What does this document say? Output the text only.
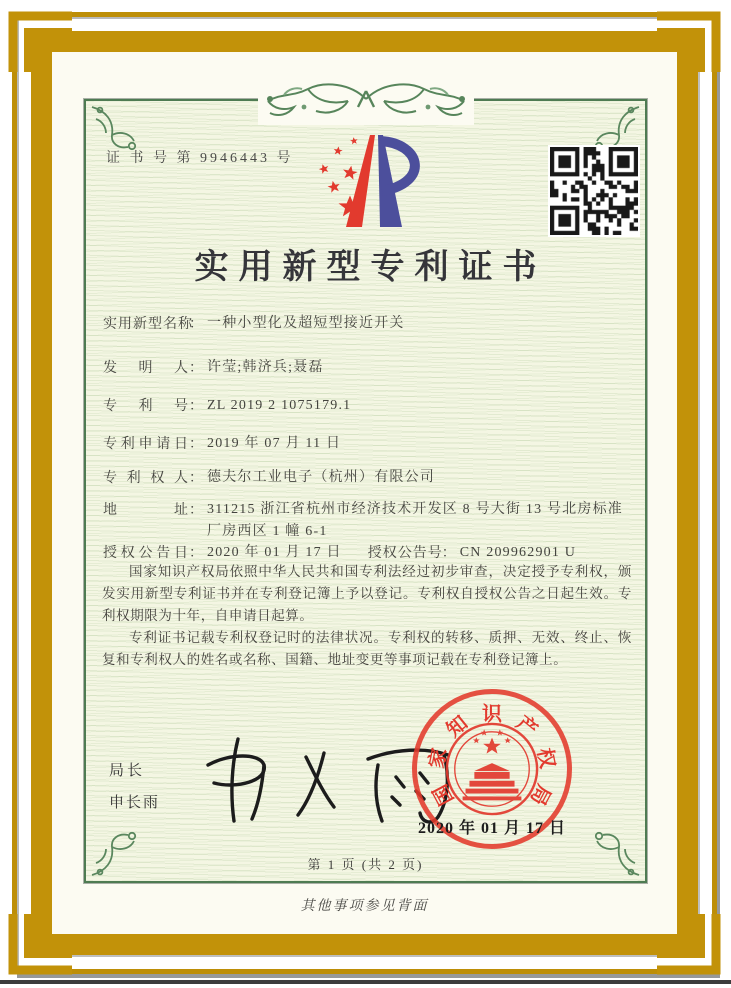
证 书 号 第 9946443 号
实用新型专利证书
实用新型名称： 一种小型化及超短型接近开关
发明人： 许莹;韩济兵;聂磊
专利号： ZL 2019 2 1075179.1
专利申请日： 2019 年 07 月 11 日
专利权人： 德夫尔工业电子（杭州）有限公司
地址： 311215 浙江省杭州市经济技术开发区 8 号大街 13 号北房标准厂房西区 1 幢 6-1
授权公告日： 2020 年 01 月 17 日 授权公告号： CN 209962901 U

国家知识产权局依照中华人民共和国专利法经过初步审查，决定授予专利权，颁发实用新型专利证书并在专利登记簿上予以登记。专利权自授权公告之日起生效。专利权期限为十年，自申请日起算。

专利证书记载专利权登记时的法律状况。专利权的转移、质押、无效、终止、恢复和专利权人的姓名或名称、国籍、地址变更等事项记载在专利登记簿上。

局长
申长雨	国
家
知 识 产
权
局
2020 年 01 月 17 日
第 1 页 (共 2 页)
其他事项参见背面
